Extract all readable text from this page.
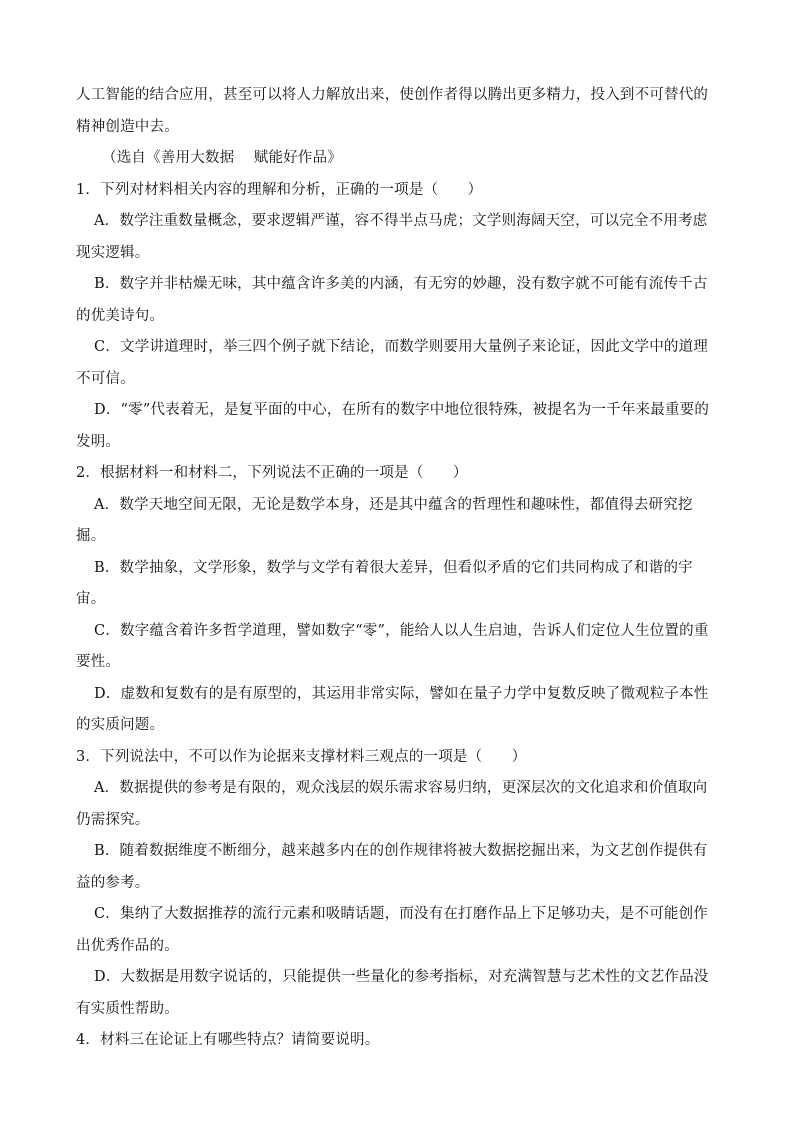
人工智能的结合应用，甚至可以将人力解放出来，使创作者得以腾出更多精力，投入到不可替代的
精神创造中去。
（选自《善用大数据　 赋能好作品》
1．下列对材料相关内容的理解和分析，正确的一项是（　　）
A．数学注重数量概念，要求逻辑严谨，容不得半点马虎；文学则海阔天空，可以完全不用考虑
现实逻辑。
B．数字并非枯燥无味，其中蕴含许多美的内涵，有无穷的妙趣，没有数字就不可能有流传千古
的优美诗句。
C．文学讲道理时，举三四个例子就下结论，而数学则要用大量例子来论证，因此文学中的道理
不可信。
D．“零”代表着无，是复平面的中心，在所有的数字中地位很特殊，被提名为一千年来最重要的
发明。
2．根据材料一和材料二，下列说法不正确的一项是（　　）
A．数学天地空间无限，无论是数学本身，还是其中蕴含的哲理性和趣味性，都值得去研究挖
掘。
B．数学抽象，文学形象，数学与文学有着很大差异，但看似矛盾的它们共同构成了和谐的宇
宙。
C．数字蕴含着许多哲学道理，譬如数字“零”，能给人以人生启迪，告诉人们定位人生位置的重
要性。
D．虚数和复数有的是有原型的，其运用非常实际，譬如在量子力学中复数反映了微观粒子本性
的实质问题。
3．下列说法中，不可以作为论据来支撑材料三观点的一项是（　　）
A．数据提供的参考是有限的，观众浅层的娱乐需求容易归纳，更深层次的文化追求和价值取向
仍需探究。
B．随着数据维度不断细分，越来越多内在的创作规律将被大数据挖掘出来，为文艺创作提供有
益的参考。
C．集纳了大数据推荐的流行元素和吸睛话题，而没有在打磨作品上下足够功夫，是不可能创作
出优秀作品的。
D．大数据是用数字说话的，只能提供一些量化的参考指标，对充满智慧与艺术性的文艺作品没
有实质性帮助。
4．材料三在论证上有哪些特点？请简要说明。
